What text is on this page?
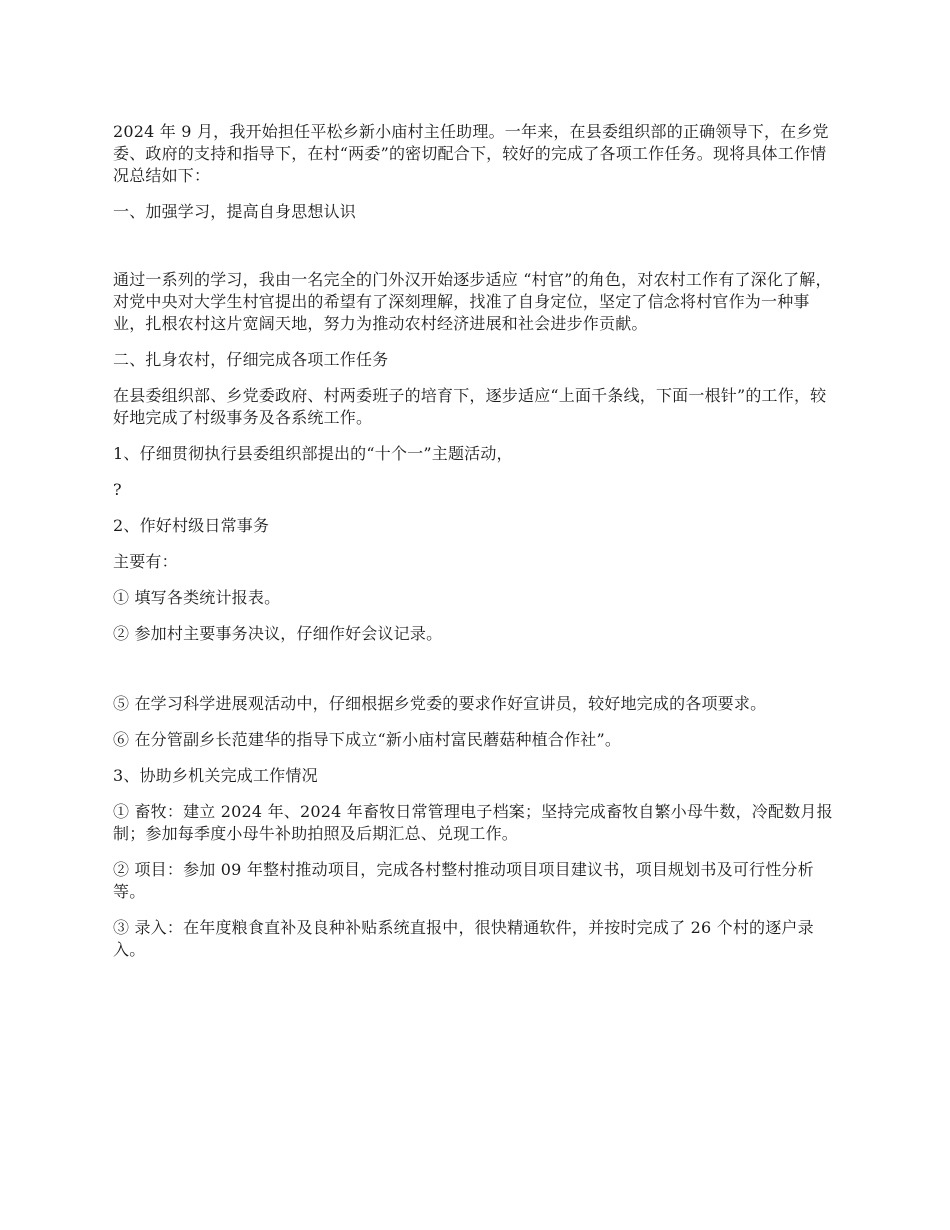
2024 年 9 月，我开始担任平松乡新小庙村主任助理。一年来，在县委组织部的正确领导下，在乡党委、政府的支持和指导下，在村“两委”的密切配合下，较好的完成了各项工作任务。现将具体工作情况总结如下：

一、加强学习，提高自身思想认识

通过一系列的学习，我由一名完全的门外汉开始逐步适应 “村官”的角色，对农村工作有了深化了解，对党中央对大学生村官提出的希望有了深刻理解，找准了自身定位，坚定了信念将村官作为一种事业，扎根农村这片宽阔天地，努力为推动农村经济进展和社会进步作贡献。

二、扎身农村，仔细完成各项工作任务

在县委组织部、乡党委政府、村两委班子的培育下，逐步适应“上面千条线，下面一根针”的工作，较好地完成了村级事务及各系统工作。

1、仔细贯彻执行县委组织部提出的“十个一”主题活动，

?

2、作好村级日常事务

主要有：

① 填写各类统计报表。

② 参加村主要事务决议，仔细作好会议记录。

⑤ 在学习科学进展观活动中，仔细根据乡党委的要求作好宣讲员，较好地完成的各项要求。

⑥ 在分管副乡长范建华的指导下成立“新小庙村富民蘑菇种植合作社”。

3、协助乡机关完成工作情况

① 畜牧：建立 2024 年、2024 年畜牧日常管理电子档案；坚持完成畜牧自繁小母牛数，冷配数月报制；参加每季度小母牛补助拍照及后期汇总、兑现工作。

② 项目：参加 09 年整村推动项目，完成各村整村推动项目项目建议书，项目规划书及可行性分析等。

③ 录入：在年度粮食直补及良种补贴系统直报中，很快精通软件，并按时完成了 26 个村的逐户录入。
